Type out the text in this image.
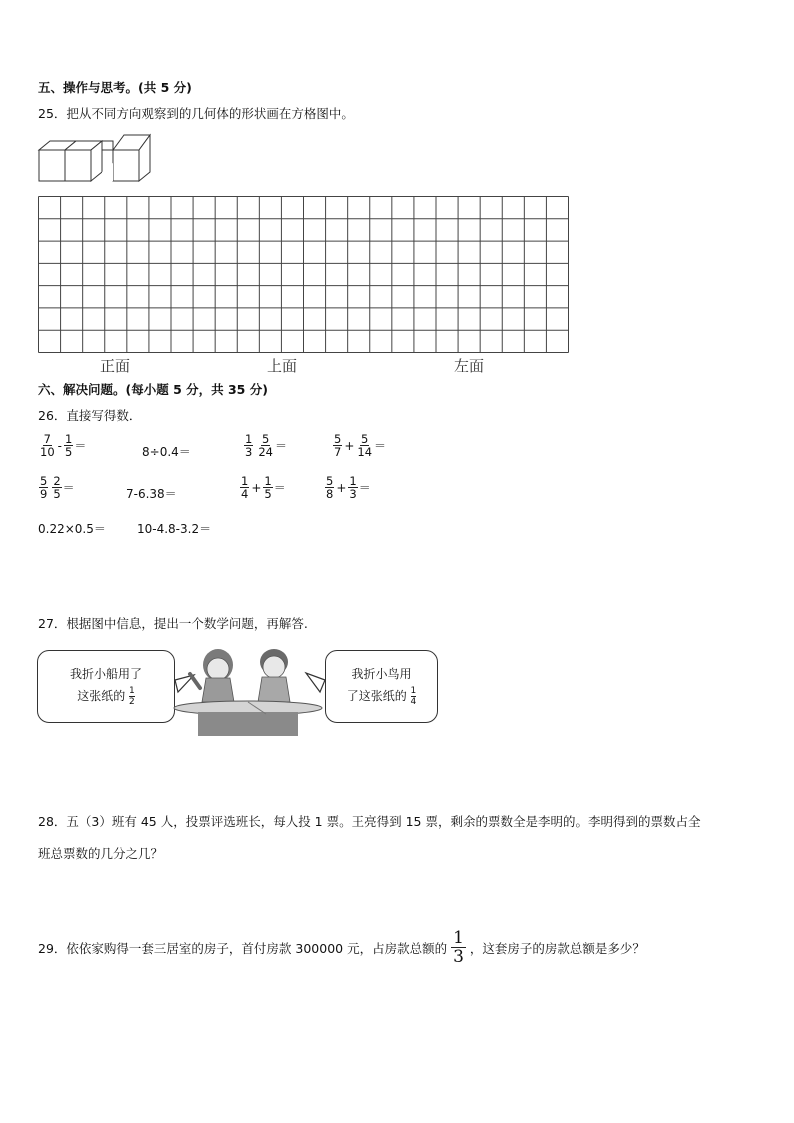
五、操作与思考。(共 5 分)
25．把从不同方向观察到的几何体的形状画在方格图中。
正面	上面	左面
六、解决问题。(每小题 5 分，共 35 分)
26．直接写得数．
$\frac{7}{10} - \frac{1}{5}$ ＝	8÷0.4＝	$\frac{1}{3} \frac{5}{24}$ ＝	$\frac{5}{7} + \frac{5}{14}$ ＝
$\frac{5}{9} \frac{2}{5}$ ＝	7-6.38＝	$\frac{1}{4} + \frac{1}{5}$ ＝	$\frac{5}{8} + \frac{1}{3}$ ＝
0.22×0.5＝	10-4.8-3.2＝
27．根据图中信息，提出一个数学问题，再解答.
我折小船用了
这张纸的 $\frac{1}{2}$
我折小鸟用
了这张纸的 $\frac{1}{4}$
28．五（3）班有 45 人，投票评选班长，每人投 1 票。王亮得到 15 票，剩余的票数全是李明的。李明得到的票数占全
班总票数的几分之几？
29．依依家购得一套三居室的房子，首付房款 300000 元，占房款总额的 $\frac{1}{3}$ ，这套房子的房款总额是多少？
